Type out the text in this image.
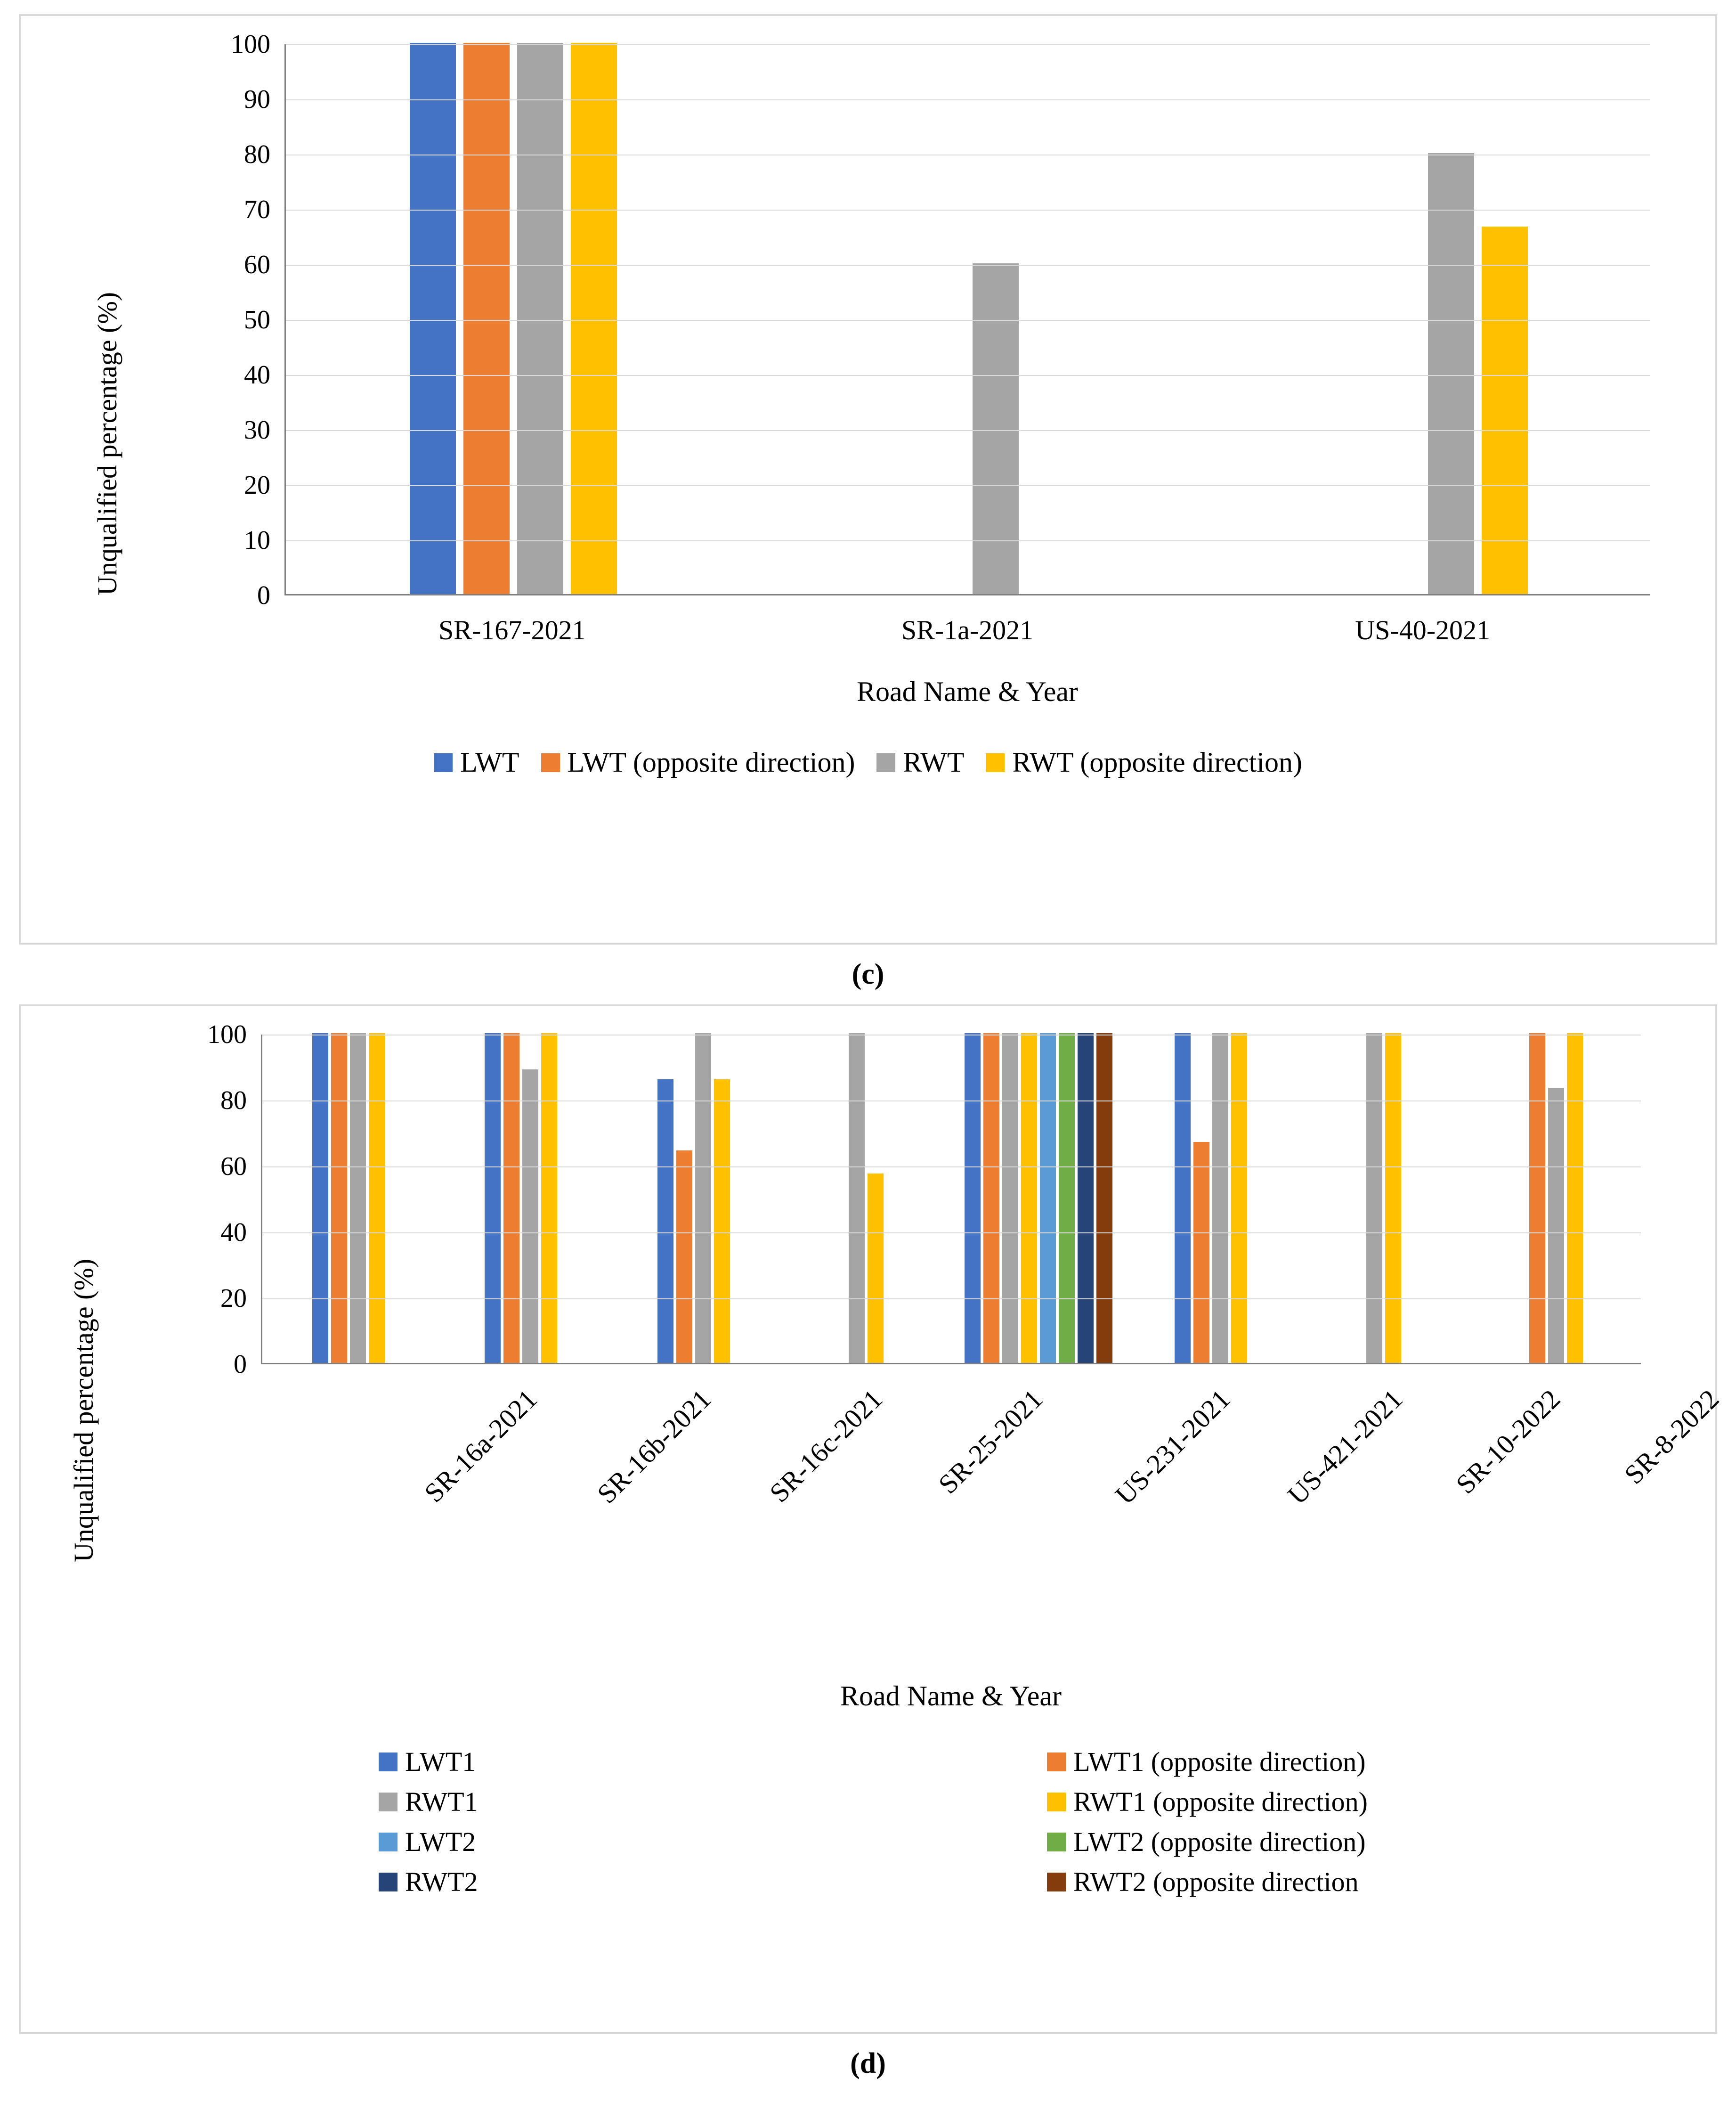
Unqualified percentage (%)	0
10
20
30
40
50
60
70
80
90
100
SR-167-2021	SR-1a-2021	US-40-2021
Road Name & Year
LWT LWT (opposite direction) RWT RWT (opposite direction)
(c)
Unqualified percentage (%)	0
20
40
60
80
100
SR-16a-2021 SR-16b-2021 SR-16c-2021 SR-25-2021 US-231-2021 US-421-2021 SR-10-2022 SR-8-2022
Road Name & Year
LWT1	LWT1 (opposite direction)
RWT1	RWT1 (opposite direction)
LWT2	LWT2 (opposite direction)
RWT2	RWT2 (opposite direction
(d)
